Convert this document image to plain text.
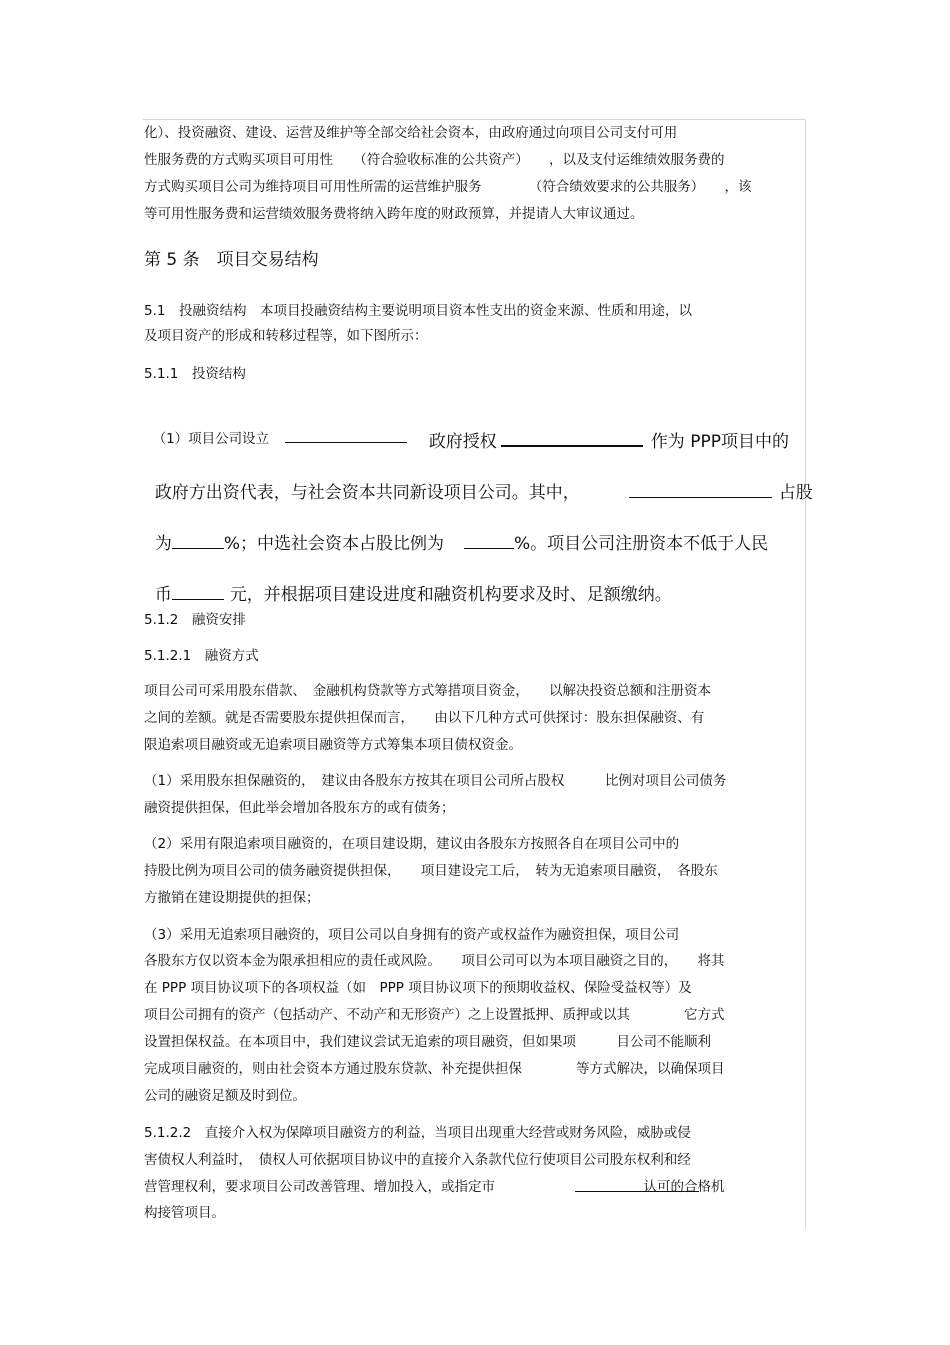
化）、投资融资、建设、运营及维护等全部交给社会资本，由政府通过向项目公司支付可用
性服务费的方式购买项目可用性　　（符合验收标准的公共资产）　　，以及支付运维绩效服务费的
方式购买项目公司为维持项目可用性所需的运营维护服务　　　　（符合绩效要求的公共服务）　　，该
等可用性服务费和运营绩效服务费将纳入跨年度的财政预算，并提请人大审议通过。
第 5 条　项目交易结构
5.1　投融资结构　本项目投融资结构主要说明项目资本性支出的资金来源、性质和用途，以
及项目资产的形成和转移过程等，如下图所示：
5.1.1　投资结构

（1）项目公司设立	政府授权	作为 PPP项目中的

政府方出资代表，与社会资本共同新设项目公司。其中，	占股

为	%；中选社会资本占股比例为	%。项目公司注册资本不低于人民

币	元，并根据项目建设进度和融资机构要求及时、足额缴纳。

5.1.2　融资安排
5.1.2.1　融资方式
项目公司可采用股东借款、　金融机构贷款等方式筹措项目资金，　　以解决投资总额和注册资本
之间的差额。就是否需要股东提供担保而言，　　由以下几种方式可供探讨：股东担保融资、有
限追索项目融资或无追索项目融资等方式筹集本项目债权资金。
（1）采用股东担保融资的，　建议由各股东方按其在项目公司所占股权　　　比例对项目公司债务
融资提供担保，但此举会增加各股东方的或有债务；
（2）采用有限追索项目融资的，在项目建设期，建议由各股东方按照各自在项目公司中的
持股比例为项目公司的债务融资提供担保，　　项目建设完工后，　转为无追索项目融资，　各股东
方撤销在建设期提供的担保；
（3）采用无追索项目融资的，项目公司以自身拥有的资产或权益作为融资担保，项目公司
各股东方仅以资本金为限承担相应的责任或风险。　　项目公司可以为本项目融资之目的，　　将其
在 PPP 项目协议项下的各项权益（如　PPP 项目协议项下的预期收益权、保险受益权等）及
项目公司拥有的资产（包括动产、不动产和无形资产）之上设置抵押、质押或以其　　　　它方式
设置担保权益。在本项目中，我们建议尝试无追索的项目融资，但如果项　　　目公司不能顺利
完成项目融资的，则由社会资本方通过股东贷款、补充提供担保　　　　等方式解决，以确保项目
公司的融资足额及时到位。
5.1.2.2　直接介入权为保障项目融资方的利益，当项目出现重大经营或财务风险，威胁或侵
害债权人利益时，　债权人可依据项目协议中的直接介入条款代位行使项目公司股东权利和经
营管理权利，要求项目公司改善管理、增加投入，或指定市　　　　　　　　　　　认可的合格机
构接管项目。
